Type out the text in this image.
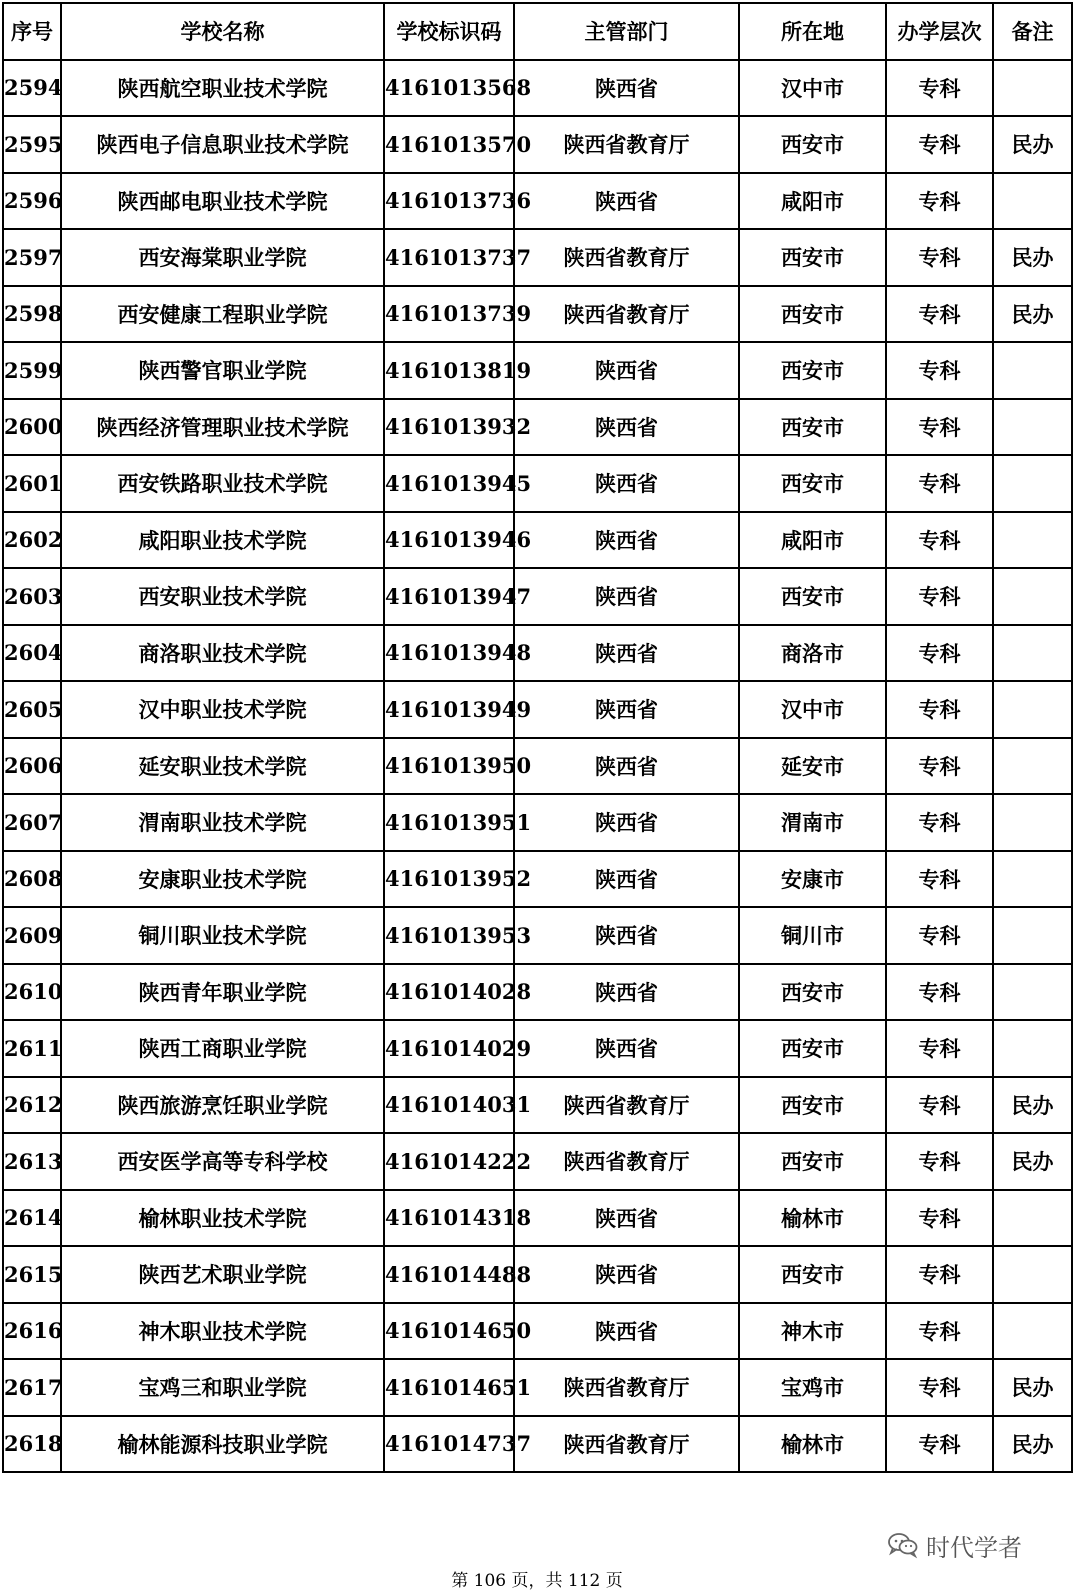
序号	学校名称	学校标识码	主管部门	所在地	办学层次	备注
2594	陕西航空职业技术学院	4161013568	陕西省	汉中市	专科	
2595	陕西电子信息职业技术学院	4161013570	陕西省教育厅	西安市	专科	民办
2596	陕西邮电职业技术学院	4161013736	陕西省	咸阳市	专科	
2597	西安海棠职业学院	4161013737	陕西省教育厅	西安市	专科	民办
2598	西安健康工程职业学院	4161013739	陕西省教育厅	西安市	专科	民办
2599	陕西警官职业学院	4161013819	陕西省	西安市	专科	
2600	陕西经济管理职业技术学院	4161013932	陕西省	西安市	专科	
2601	西安铁路职业技术学院	4161013945	陕西省	西安市	专科	
2602	咸阳职业技术学院	4161013946	陕西省	咸阳市	专科	
2603	西安职业技术学院	4161013947	陕西省	西安市	专科	
2604	商洛职业技术学院	4161013948	陕西省	商洛市	专科	
2605	汉中职业技术学院	4161013949	陕西省	汉中市	专科	
2606	延安职业技术学院	4161013950	陕西省	延安市	专科	
2607	渭南职业技术学院	4161013951	陕西省	渭南市	专科	
2608	安康职业技术学院	4161013952	陕西省	安康市	专科	
2609	铜川职业技术学院	4161013953	陕西省	铜川市	专科	
2610	陕西青年职业学院	4161014028	陕西省	西安市	专科	
2611	陕西工商职业学院	4161014029	陕西省	西安市	专科	
2612	陕西旅游烹饪职业学院	4161014031	陕西省教育厅	西安市	专科	民办
2613	西安医学高等专科学校	4161014222	陕西省教育厅	西安市	专科	民办
2614	榆林职业技术学院	4161014318	陕西省	榆林市	专科	
2615	陕西艺术职业学院	4161014488	陕西省	西安市	专科	
2616	神木职业技术学院	4161014650	陕西省	神木市	专科	
2617	宝鸡三和职业学院	4161014651	陕西省教育厅	宝鸡市	专科	民办
2618	榆林能源科技职业学院	4161014737	陕西省教育厅	榆林市	专科	民办
时代学者
第 106 页，共 112 页
